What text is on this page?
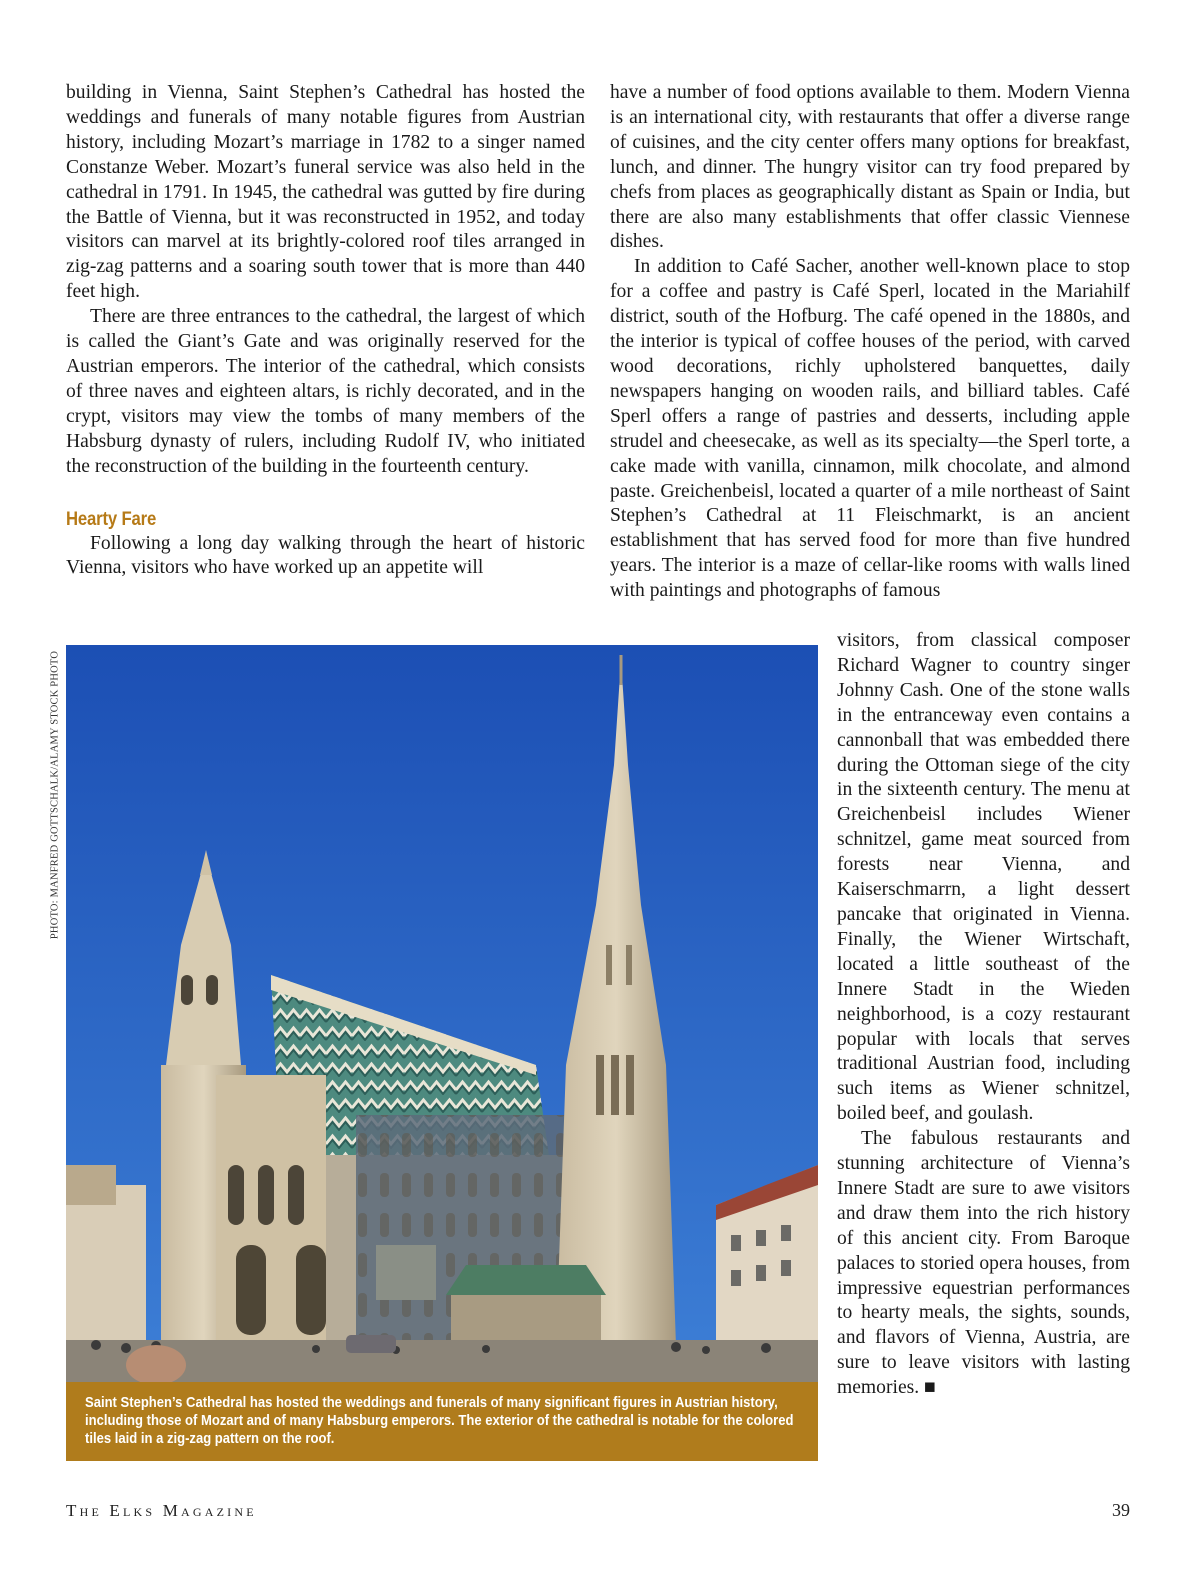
building in Vienna, Saint Stephen’s Cathedral has hosted the weddings and funerals of many notable figures from Austrian history, including Mozart’s marriage in 1782 to a singer named Constanze Weber. Mozart’s funeral service was also held in the cathedral in 1791. In 1945, the cathedral was gutted by fire during the Battle of Vienna, but it was reconstructed in 1952, and today visitors can marvel at its brightly-colored roof tiles arranged in zig-zag patterns and a soaring south tower that is more than 440 feet high.

There are three entrances to the cathedral, the largest of which is called the Giant’s Gate and was originally reserved for the Austrian emperors. The interior of the cathedral, which consists of three naves and eighteen altars, is richly decorated, and in the crypt, visitors may view the tombs of many members of the Habsburg dynasty of rulers, including Rudolf IV, who initiated the reconstruction of the building in the fourteenth century.

Hearty Fare

Following a long day walking through the heart of historic Vienna, visitors who have worked up an appetite will

have a number of food options available to them. Modern Vienna is an international city, with restaurants that offer a diverse range of cuisines, and the city center offers many options for breakfast, lunch, and dinner. The hungry visitor can try food prepared by chefs from places as geographically distant as Spain or India, but there are also many establishments that offer classic Viennese dishes.

In addition to Café Sacher, another well-known place to stop for a coffee and pastry is Café Sperl, located in the Mariahilf district, south of the Hofburg. The café opened in the 1880s, and the interior is typical of coffee houses of the period, with carved wood decorations, richly upholstered banquettes, daily newspapers hanging on wooden rails, and billiard tables. Café Sperl offers a range of pastries and desserts, including apple strudel and cheesecake, as well as its specialty—the Sperl torte, a cake made with vanilla, cinnamon, milk chocolate, and almond paste. Greichenbeisl, located a quarter of a mile northeast of Saint Stephen’s Cathedral at 11 Fleischmarkt, is an ancient establishment that has served food for more than five hundred years. The interior is a maze of cellar-like rooms with walls lined with paintings and photographs of famous

visitors, from classical composer Richard Wagner to country singer Johnny Cash. One of the stone walls in the entranceway even contains a cannonball that was embedded there during the Ottoman siege of the city in the sixteenth century. The menu at Greichenbeisl includes Wiener schnitzel, game meat sourced from forests near Vienna, and Kaiserschmarrn, a light dessert pancake that originated in Vienna. Finally, the Wiener Wirtschaft, located a little southeast of the Innere Stadt in the Wieden neighborhood, is a cozy restaurant popular with locals that serves traditional Austrian food, including such items as Wiener schnitzel, boiled beef, and goulash.

The fabulous restaurants and stunning architecture of Vienna’s Innere Stadt are sure to awe visitors and draw them into the rich history of this ancient city. From Baroque palaces to storied opera houses, from impressive equestrian performances to hearty meals, the sights, sounds, and flavors of Vienna, Austria, are sure to leave visitors with lasting memories. ■

PHOTO: MANFRED GOTTSCHALK/ALAMY STOCK PHOTO

Saint Stephen’s Cathedral has hosted the weddings and funerals of many significant figures in Austrian history, including those of Mozart and of many Habsburg emperors. The exterior of the cathedral is notable for the colored tiles laid in a zig-zag pattern on the roof.

The Elks Magazine	39
